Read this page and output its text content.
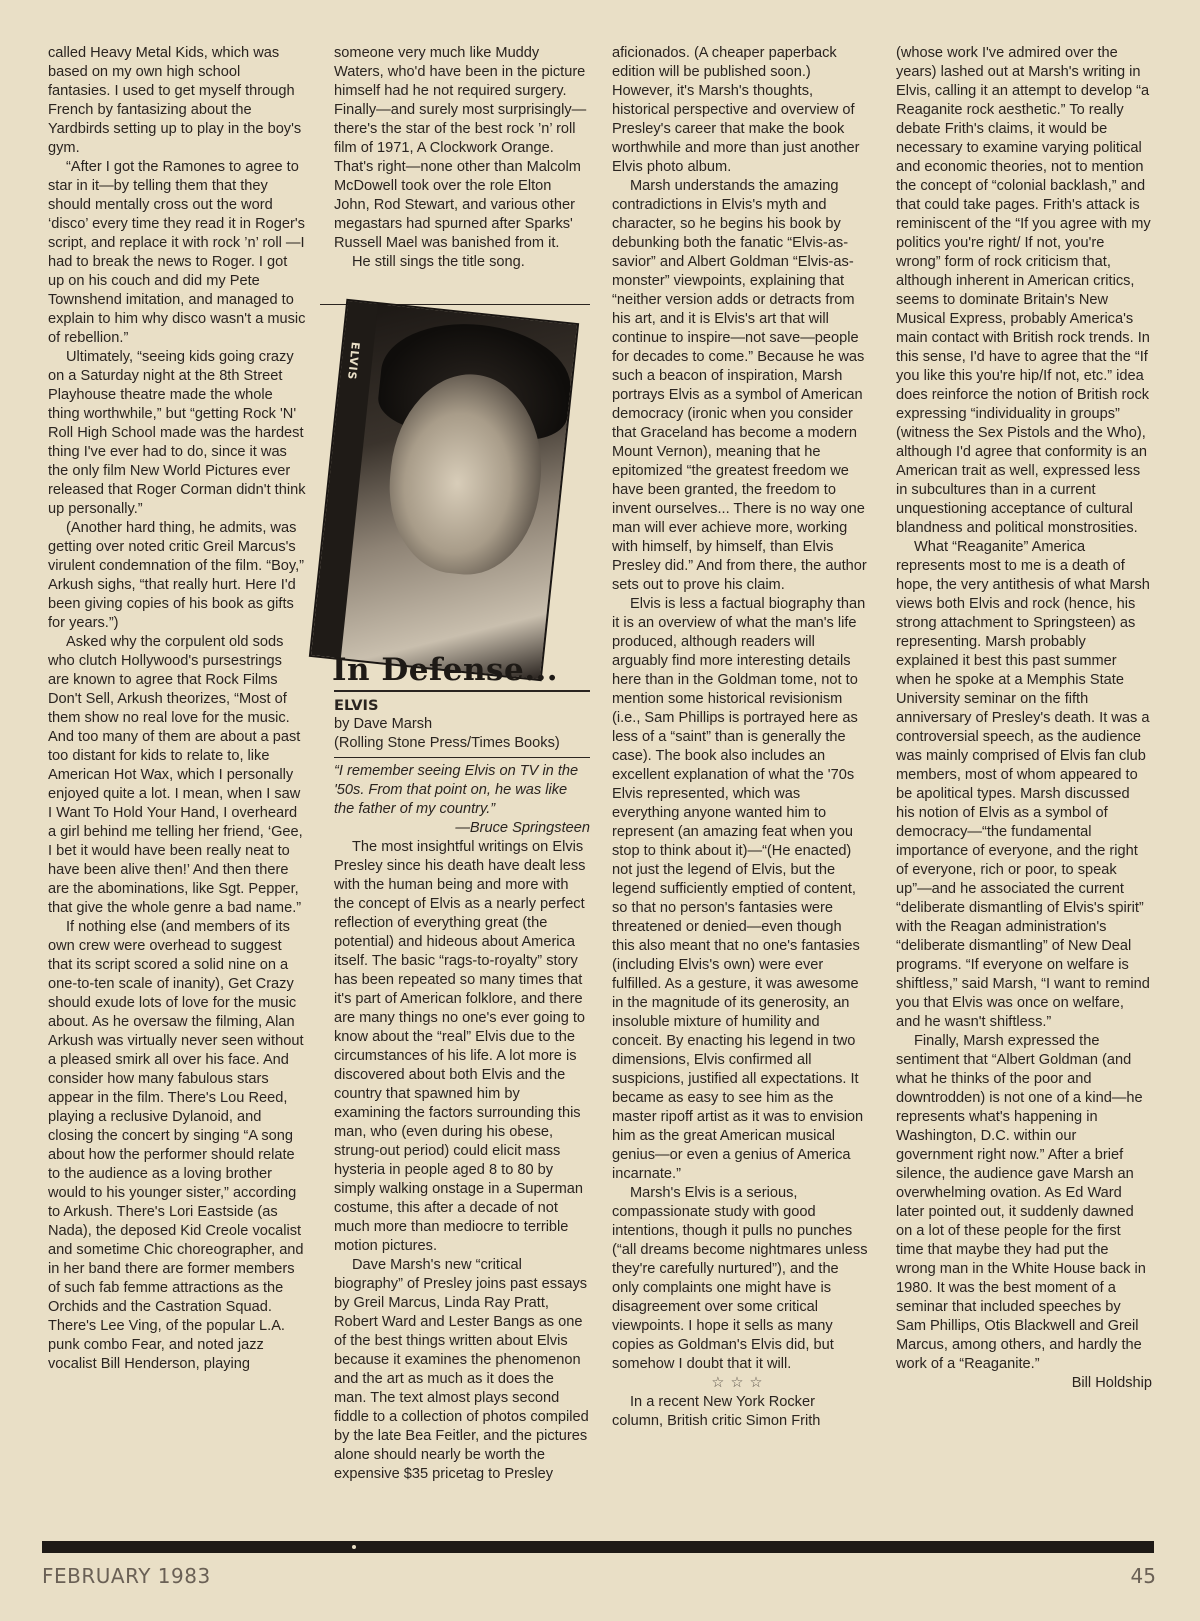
called Heavy Metal Kids, which was based on my own high school fantasies. I used to get myself through French by fantasizing about the Yardbirds setting up to play in the boy's gym.

“After I got the Ramones to agree to star in it—by telling them that they should mentally cross out the word ‘disco’ every time they read it in Roger's script, and replace it with rock ’n’ roll —I had to break the news to Roger. I got up on his couch and did my Pete Townshend imitation, and managed to explain to him why disco wasn't a music of rebellion.”

Ultimately, “seeing kids going crazy on a Saturday night at the 8th Street Playhouse theatre made the whole thing worthwhile,” but “getting Rock 'N' Roll High School made was the hardest thing I've ever had to do, since it was the only film New World Pictures ever released that Roger Corman didn't think up personally.”

(Another hard thing, he admits, was getting over noted critic Greil Marcus's virulent condemnation of the film. “Boy,” Arkush sighs, “that really hurt. Here I'd been giving copies of his book as gifts for years.”)

Asked why the corpulent old sods who clutch Hollywood's pursestrings are known to agree that Rock Films Don't Sell, Arkush theorizes, “Most of them show no real love for the music. And too many of them are about a past too distant for kids to relate to, like American Hot Wax, which I personally enjoyed quite a lot. I mean, when I saw I Want To Hold Your Hand, I overheard a girl behind me telling her friend, ‘Gee, I bet it would have been really neat to have been alive then!’ And then there are the abominations, like Sgt. Pepper, that give the whole genre a bad name.”

If nothing else (and members of its own crew were overhead to suggest that its script scored a solid nine on a one-to-ten scale of inanity), Get Crazy should exude lots of love for the music about. As he oversaw the filming, Alan Arkush was virtually never seen without a pleased smirk all over his face. And consider how many fabulous stars appear in the film. There's Lou Reed, playing a reclusive Dylanoid, and closing the concert by singing “A song about how the performer should relate to the audience as a loving brother would to his younger sister,” according to Arkush. There's Lori Eastside (as Nada), the deposed Kid Creole vocalist and sometime Chic choreographer, and in her band there are former members of such fab femme attractions as the Orchids and the Castration Squad. There's Lee Ving, of the popular L.A. punk combo Fear, and noted jazz vocalist Bill Henderson, playing

someone very much like Muddy Waters, who'd have been in the picture himself had he not required surgery. Finally—and surely most surprisingly—there's the star of the best rock ’n’ roll film of 1971, A Clockwork Orange. That's right—none other than Malcolm McDowell took over the role Elton John, Rod Stewart, and various other megastars had spurned after Sparks' Russell Mael was banished from it.

He still sings the title song.

ELVIS
In Defense...
ELVIS
by Dave Marsh
(Rolling Stone Press/Times Books)
“I remember seeing Elvis on TV in the '50s. From that point on, he was like the father of my country.”
—Bruce Springsteen

The most insightful writings on Elvis Presley since his death have dealt less with the human being and more with the concept of Elvis as a nearly perfect reflection of everything great (the potential) and hideous about America itself. The basic “rags-to-royalty” story has been repeated so many times that it's part of American folklore, and there are many things no one's ever going to know about the “real” Elvis due to the circumstances of his life. A lot more is discovered about both Elvis and the country that spawned him by examining the factors surrounding this man, who (even during his obese, strung-out period) could elicit mass hysteria in people aged 8 to 80 by simply walking onstage in a Superman costume, this after a decade of not much more than mediocre to terrible motion pictures.

Dave Marsh's new “critical biography” of Presley joins past essays by Greil Marcus, Linda Ray Pratt, Robert Ward and Lester Bangs as one of the best things written about Elvis because it examines the phenomenon and the art as much as it does the man. The text almost plays second fiddle to a collection of photos compiled by the late Bea Feitler, and the pictures alone should nearly be worth the expensive $35 pricetag to Presley

aficionados. (A cheaper paperback edition will be published soon.) However, it's Marsh's thoughts, historical perspective and overview of Presley's career that make the book worthwhile and more than just another Elvis photo album.

Marsh understands the amazing contradictions in Elvis's myth and character, so he begins his book by debunking both the fanatic “Elvis-as-savior” and Albert Goldman “Elvis-as-monster” viewpoints, explaining that “neither version adds or detracts from his art, and it is Elvis's art that will continue to inspire—not save—people for decades to come.” Because he was such a beacon of inspiration, Marsh portrays Elvis as a symbol of American democracy (ironic when you consider that Graceland has become a modern Mount Vernon), meaning that he epitomized “the greatest freedom we have been granted, the freedom to invent ourselves... There is no way one man will ever achieve more, working with himself, by himself, than Elvis Presley did.” And from there, the author sets out to prove his claim.

Elvis is less a factual biography than it is an overview of what the man's life produced, although readers will arguably find more interesting details here than in the Goldman tome, not to mention some historical revisionism (i.e., Sam Phillips is portrayed here as less of a “saint” than is generally the case). The book also includes an excellent explanation of what the '70s Elvis represented, which was everything anyone wanted him to represent (an amazing feat when you stop to think about it)—“(He enacted) not just the legend of Elvis, but the legend sufficiently emptied of content, so that no person's fantasies were threatened or denied—even though this also meant that no one's fantasies (including Elvis's own) were ever fulfilled. As a gesture, it was awesome in the magnitude of its generosity, an insoluble mixture of humility and conceit. By enacting his legend in two dimensions, Elvis confirmed all suspicions, justified all expectations. It became as easy to see him as the master ripoff artist as it was to envision him as the great American musical genius—or even a genius of America incarnate.”

Marsh's Elvis is a serious, compassionate study with good intentions, though it pulls no punches (“all dreams become nightmares unless they're carefully nurtured”), and the only complaints one might have is disagreement over some critical viewpoints. I hope it sells as many copies as Goldman's Elvis did, but somehow I doubt that it will.

☆☆☆

In a recent New York Rocker column, British critic Simon Frith

(whose work I've admired over the years) lashed out at Marsh's writing in Elvis, calling it an attempt to develop “a Reaganite rock aesthetic.” To really debate Frith's claims, it would be necessary to examine varying political and economic theories, not to mention the concept of “colonial backlash,” and that could take pages. Frith's attack is reminiscent of the “If you agree with my politics you're right/ If not, you're wrong” form of rock criticism that, although inherent in American critics, seems to dominate Britain's New Musical Express, probably America's main contact with British rock trends. In this sense, I'd have to agree that the “If you like this you're hip/If not, etc.” idea does reinforce the notion of British rock expressing “individuality in groups” (witness the Sex Pistols and the Who), although I'd agree that conformity is an American trait as well, expressed less in subcultures than in a current unquestioning acceptance of cultural blandness and political monstrosities.

What “Reaganite” America represents most to me is a death of hope, the very antithesis of what Marsh views both Elvis and rock (hence, his strong attachment to Springsteen) as representing. Marsh probably explained it best this past summer when he spoke at a Memphis State University seminar on the fifth anniversary of Presley's death. It was a controversial speech, as the audience was mainly comprised of Elvis fan club members, most of whom appeared to be apolitical types. Marsh discussed his notion of Elvis as a symbol of democracy—“the fundamental importance of everyone, and the right of everyone, rich or poor, to speak up”—and he associated the current “deliberate dismantling of Elvis's spirit” with the Reagan administration's “deliberate dismantling” of New Deal programs. “If everyone on welfare is shiftless,” said Marsh, “I want to remind you that Elvis was once on welfare, and he wasn't shiftless.”

Finally, Marsh expressed the sentiment that “Albert Goldman (and what he thinks of the poor and downtrodden) is not one of a kind—he represents what's happening in Washington, D.C. within our government right now.” After a brief silence, the audience gave Marsh an overwhelming ovation. As Ed Ward later pointed out, it suddenly dawned on a lot of these people for the first time that maybe they had put the wrong man in the White House back in 1980. It was the best moment of a seminar that included speeches by Sam Phillips, Otis Blackwell and Greil Marcus, among others, and hardly the work of a “Reaganite.”

Bill Holdship
FEBRUARY 1983	45
